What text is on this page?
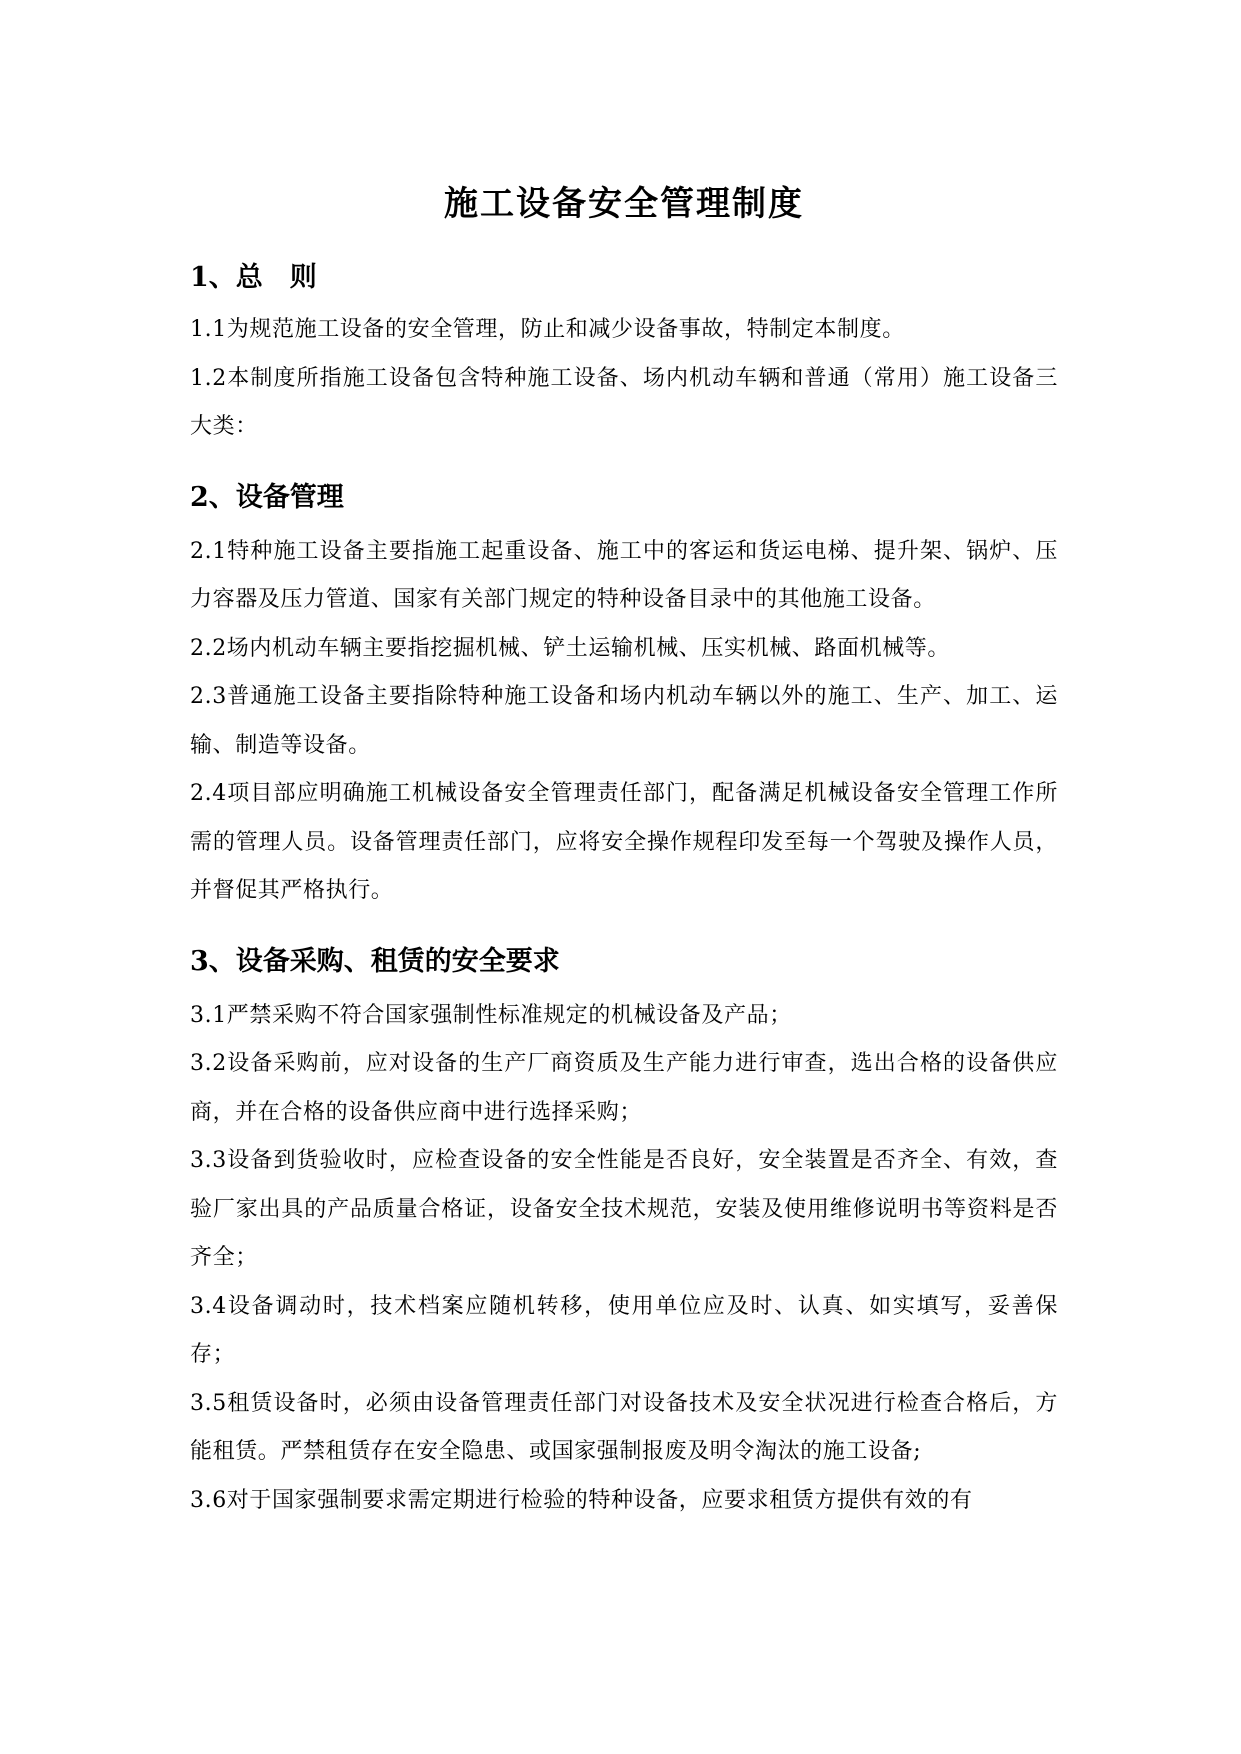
施工设备安全管理制度
1、总　则

1.1为规范施工设备的安全管理，防止和减少设备事故，特制定本制度。

1.2本制度所指施工设备包含特种施工设备、场内机动车辆和普通（常用）施工设备三大类：

2、设备管理

2.1特种施工设备主要指施工起重设备、施工中的客运和货运电梯、提升架、锅炉、压力容器及压力管道、国家有关部门规定的特种设备目录中的其他施工设备。

2.2场内机动车辆主要指挖掘机械、铲土运输机械、压实机械、路面机械等。

2.3普通施工设备主要指除特种施工设备和场内机动车辆以外的施工、生产、加工、运输、制造等设备。

2.4项目部应明确施工机械设备安全管理责任部门，配备满足机械设备安全管理工作所需的管理人员。设备管理责任部门，应将安全操作规程印发至每一个驾驶及操作人员，并督促其严格执行。

3、设备采购、租赁的安全要求

3.1严禁采购不符合国家强制性标准规定的机械设备及产品；

3.2设备采购前，应对设备的生产厂商资质及生产能力进行审查，选出合格的设备供应商，并在合格的设备供应商中进行选择采购；

3.3设备到货验收时，应检查设备的安全性能是否良好，安全装置是否齐全、有效，查验厂家出具的产品质量合格证，设备安全技术规范，安装及使用维修说明书等资料是否齐全；

3.4设备调动时，技术档案应随机转移，使用单位应及时、认真、如实填写，妥善保存；

3.5租赁设备时，必须由设备管理责任部门对设备技术及安全状况进行检查合格后，方能租赁。严禁租赁存在安全隐患、或国家强制报废及明令淘汰的施工设备;

3.6对于国家强制要求需定期进行检验的特种设备，应要求租赁方提供有效的有
